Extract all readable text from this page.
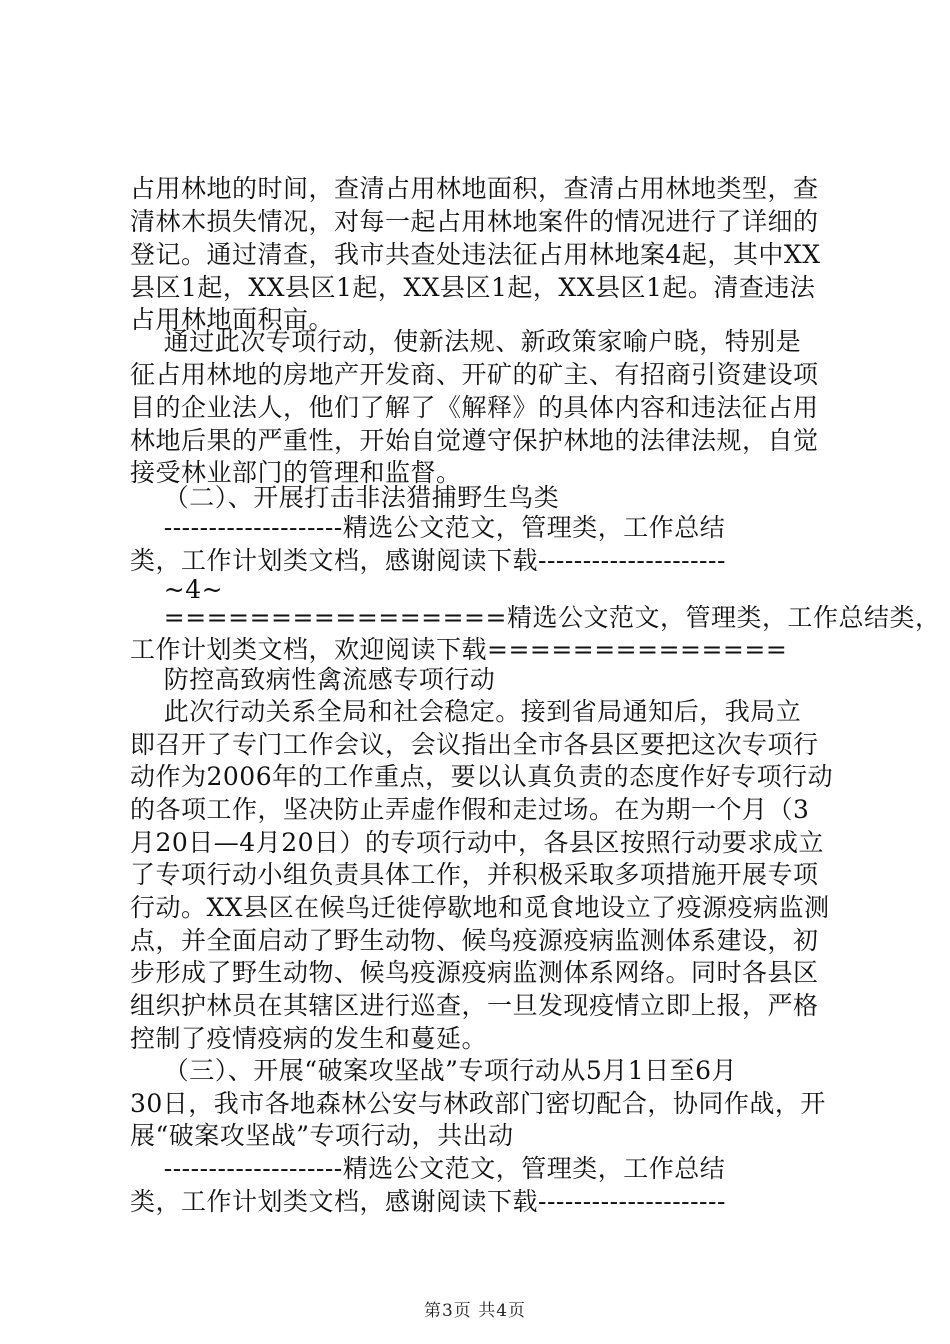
占用林地的时间，查清占用林地面积，查清占用林地类型，查
清林木损失情况，对每一起占用林地案件的情况进行了详细的
登记。通过清查，我市共查处违法征占用林地案4起，其中XX
县区1起，XX县区1起，XX县区1起，XX县区1起。清查违法
占用林地面积亩。
通过此次专项行动，使新法规、新政策家喻户晓，特别是
征占用林地的房地产开发商、开矿的矿主、有招商引资建设项
目的企业法人，他们了解了《解释》的具体内容和违法征占用
林地后果的严重性，开始自觉遵守保护林地的法律法规，自觉
接受林业部门的管理和监督。
（二）、开展打击非法猎捕野生鸟类
--------------------精选公文范文，管理类，工作总结
类，工作计划类文档，感谢阅读下载---------------------
~4~
================精选公文范文，管理类，工作总结类，
工作计划类文档，欢迎阅读下载==============
防控高致病性禽流感专项行动
此次行动关系全局和社会稳定。接到省局通知后，我局立
即召开了专门工作会议，会议指出全市各县区要把这次专项行
动作为2006年的工作重点，要以认真负责的态度作好专项行动
的各项工作，坚决防止弄虚作假和走过场。在为期一个月（3
月20日—4月20日）的专项行动中，各县区按照行动要求成立
了专项行动小组负责具体工作，并积极采取多项措施开展专项
行动。XX县区在候鸟迁徙停歇地和觅食地设立了疫源疫病监测
点，并全面启动了野生动物、候鸟疫源疫病监测体系建设，初
步形成了野生动物、候鸟疫源疫病监测体系网络。同时各县区
组织护林员在其辖区进行巡查，一旦发现疫情立即上报，严格
控制了疫情疫病的发生和蔓延。
（三）、开展“破案攻坚战”专项行动从5月1日至6月
30日，我市各地森林公安与林政部门密切配合，协同作战，开
展“破案攻坚战”专项行动，共出动
--------------------精选公文范文，管理类，工作总结
类，工作计划类文档，感谢阅读下载---------------------
第3页 共4页
